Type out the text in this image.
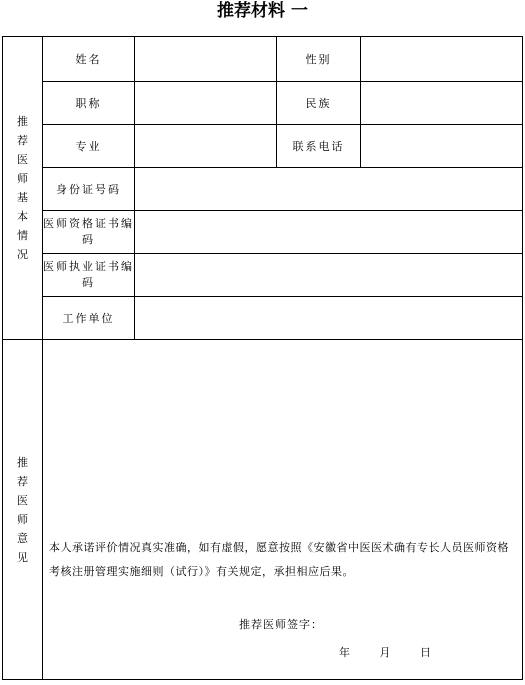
推荐材料 一
推荐医师基本情况	姓名		性别	
	职称		民族	
	专业		联系电话	
	身份证号码			
	医师资格证书编码			
	医师执业证书编码			
	工作单位			
推荐医师意见	本人承诺评价情况真实准确，如有虚假，愿意按照《安徽省中医医术确有专长人员医师资格考核注册管理实施细则（试行）》有关规定，承担相应后果。
推荐医师签字：
年 月 日			
